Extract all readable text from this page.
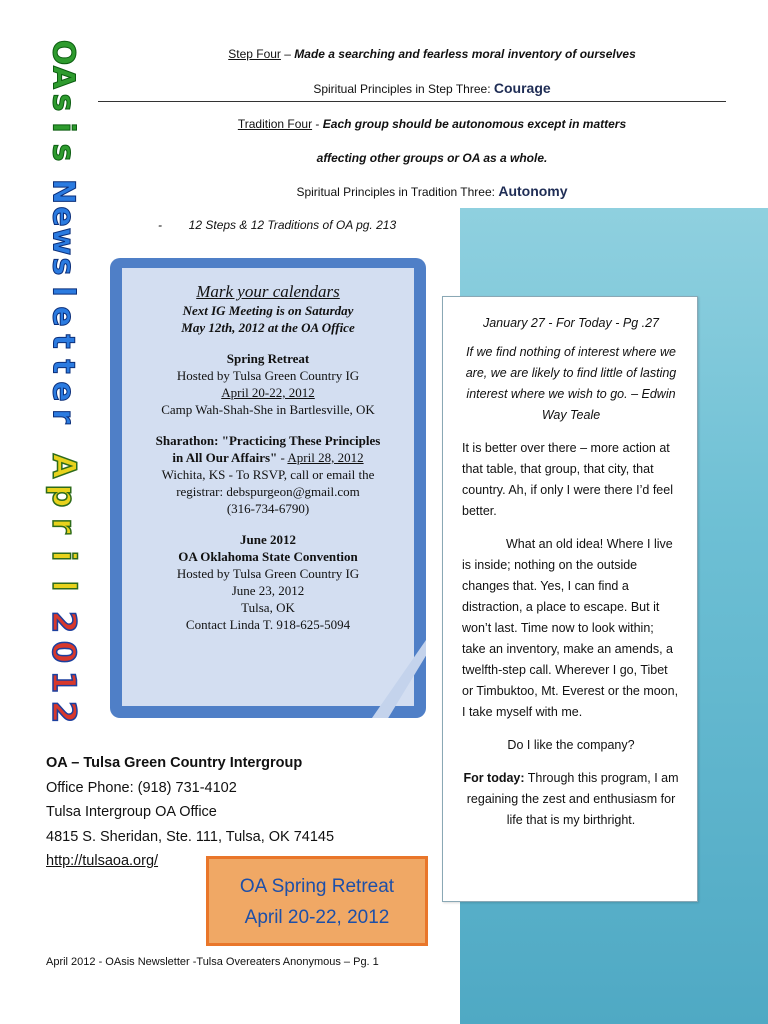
O
A
s
i
s
N
e
w
s
l
e
t
t
e
r
A
p
r
i
l
2
0
1
2
Step Four – Made a searching and fearless moral inventory of ourselves
Spiritual Principles in Step Three: Courage
Tradition Four - Each group should be autonomous except in matters
affecting other groups or OA as a whole.
Spiritual Principles in Tradition Three: Autonomy
-        12 Steps & 12 Traditions of OA pg. 213

Mark your calendars

Next IG Meeting is on Saturday

May 12th, 2012 at the OA Office

Spring Retreat

Hosted by Tulsa Green Country IG

April 20-22, 2012

Camp Wah-Shah-She in Bartlesville, OK

Sharathon: "Practicing These Principles

in All Our Affairs" - April 28, 2012

Wichita, KS - To RSVP, call or email the

registrar: debspurgeon@gmail.com

(316-734-6790)

June 2012

OA Oklahoma State Convention

Hosted by Tulsa Green Country IG

June 23, 2012

Tulsa, OK

Contact Linda T. 918-625-5094

January 27 - For Today - Pg .27

If we find nothing of interest where we are, we are likely to find little of lasting interest where we wish to go. – Edwin Way Teale

It is better over there – more action at that table, that group, that city, that country. Ah, if only I were there I’d feel better.

What an old idea! Where I live is inside; nothing on the outside changes that. Yes, I can find a distraction, a place to escape. But it won’t last. Time now to look within; take an inventory, make an amends, a twelfth-step call. Wherever I go, Tibet or Timbuktoo, Mt. Everest or the moon, I take myself with me.

Do I like the company?

For today: Through this program, I am regaining the zest and enthusiasm for life that is my birthright.

OA – Tulsa Green Country Intergroup
Office Phone: (918) 731-4102
Tulsa Intergroup OA Office
4815 S. Sheridan, Ste. 111, Tulsa, OK 74145
http://tulsaoa.org/

OA Spring Retreat

April 20-22, 2012

April 2012 - OAsis Newsletter -Tulsa Overeaters Anonymous – Pg. 1
